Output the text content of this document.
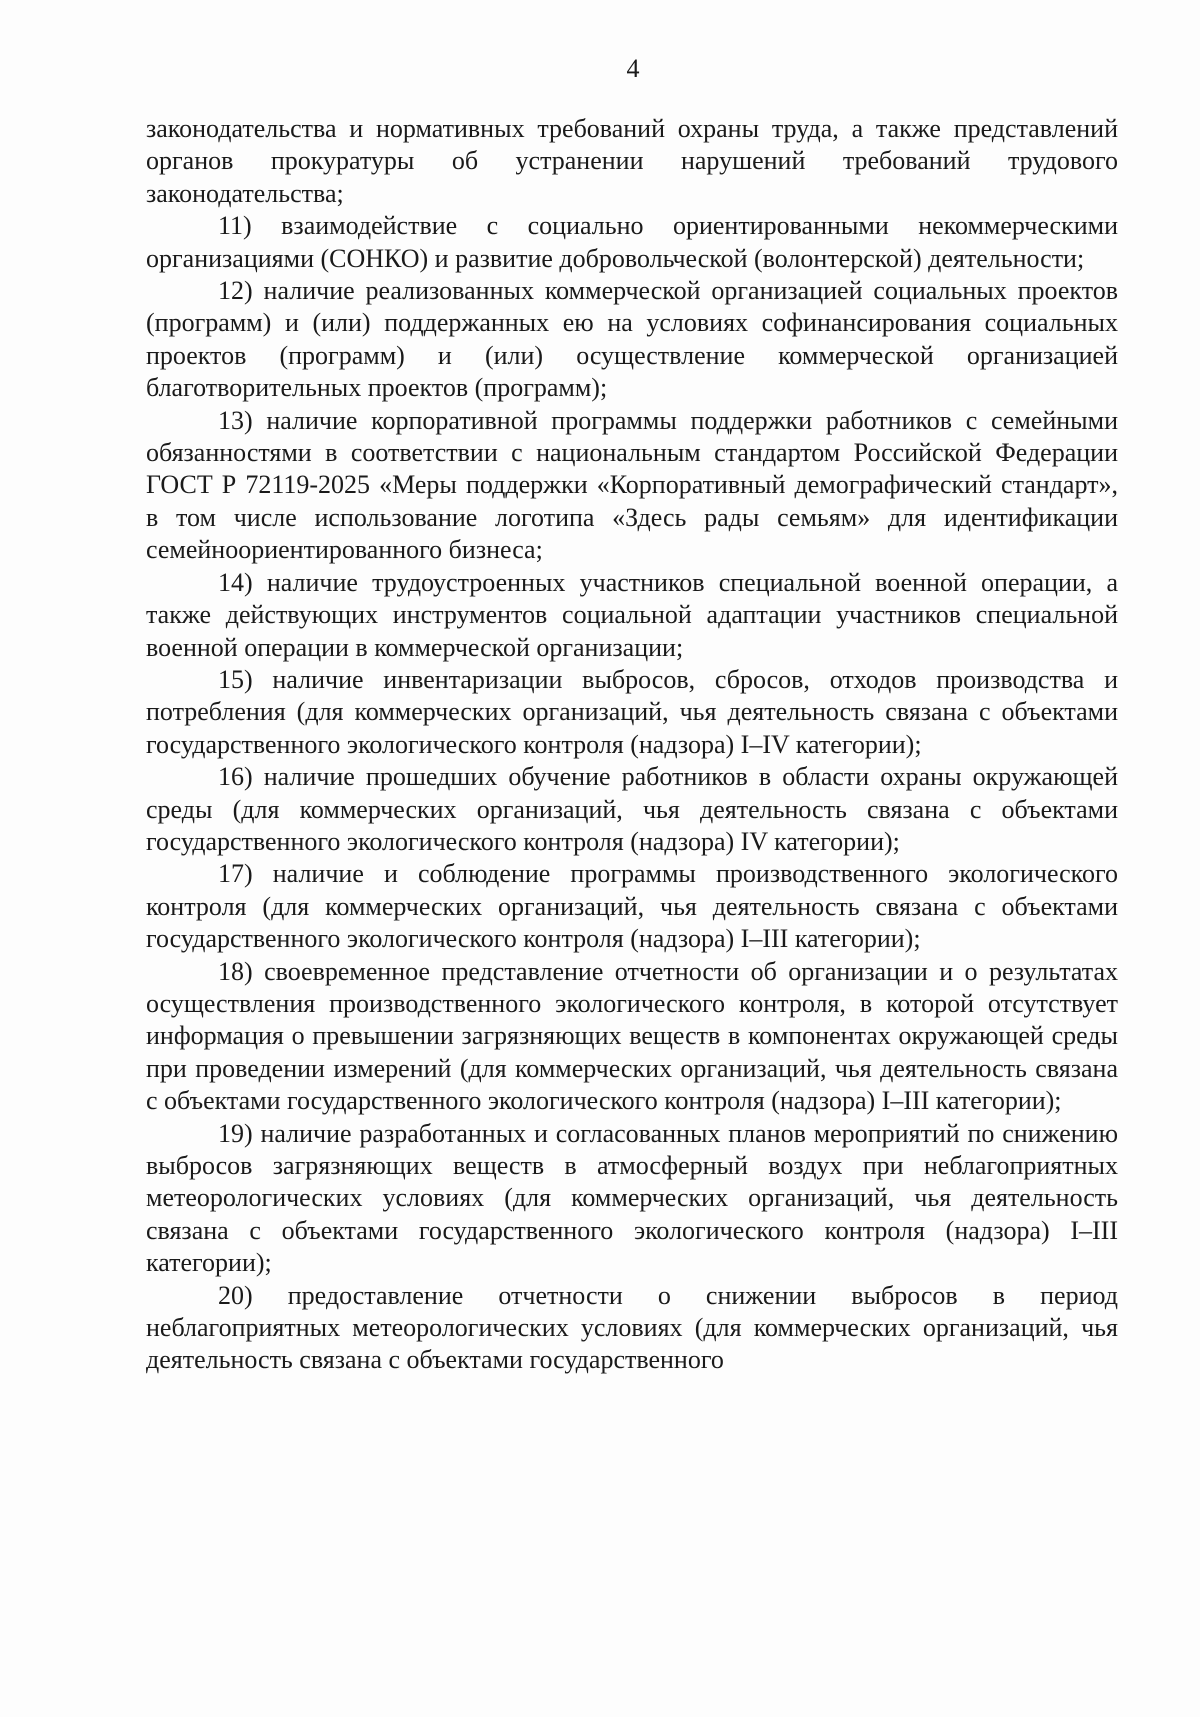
4

законодательства и нормативных требований охраны труда, а также представлений органов прокуратуры об устранении нарушений требований трудового законодательства;

11) взаимодействие с социально ориентированными некоммерческими организациями (СОНКО) и развитие добровольческой (волонтерской) деятельности;

12) наличие реализованных коммерческой организацией социальных проектов (программ) и (или) поддержанных ею на условиях софинансирования социальных проектов (программ) и (или) осуществление коммерческой организацией благотворительных проектов (программ);

13) наличие корпоративной программы поддержки работников с семейными обязанностями в соответствии с национальным стандартом Российской Федерации ГОСТ Р 72119-2025 «Меры поддержки «Корпоративный демографический стандарт», в том числе использование логотипа «Здесь рады семьям» для идентификации семейноориентированного бизнеса;

14) наличие трудоустроенных участников специальной военной операции, а также действующих инструментов социальной адаптации участников специальной военной операции в коммерческой организации;

15) наличие инвентаризации выбросов, сбросов, отходов производства и потребления (для коммерческих организаций, чья деятельность связана с объектами государственного экологического контроля (надзора) I–IV категории);

16) наличие прошедших обучение работников в области охраны окружающей среды (для коммерческих организаций, чья деятельность связана с объектами государственного экологического контроля (надзора) IV категории);

17) наличие и соблюдение программы производственного экологического контроля (для коммерческих организаций, чья деятельность связана с объектами государственного экологического контроля (надзора) I–III категории);

18) своевременное представление отчетности об организации и о результатах осуществления производственного экологического контроля, в которой отсутствует информация о превышении загрязняющих веществ в компонентах окружающей среды при проведении измерений (для коммерческих организаций, чья деятельность связана с объектами государственного экологического контроля (надзора) I–III категории);

19) наличие разработанных и согласованных планов мероприятий по снижению выбросов загрязняющих веществ в атмосферный воздух при неблагоприятных метеорологических условиях (для коммерческих организаций, чья деятельность связана с объектами государственного экологического контроля (надзора) I–III категории);

20) предоставление отчетности о снижении выбросов в период неблагоприятных метеорологических условиях (для коммерческих организаций, чья деятельность связана с объектами государственного
